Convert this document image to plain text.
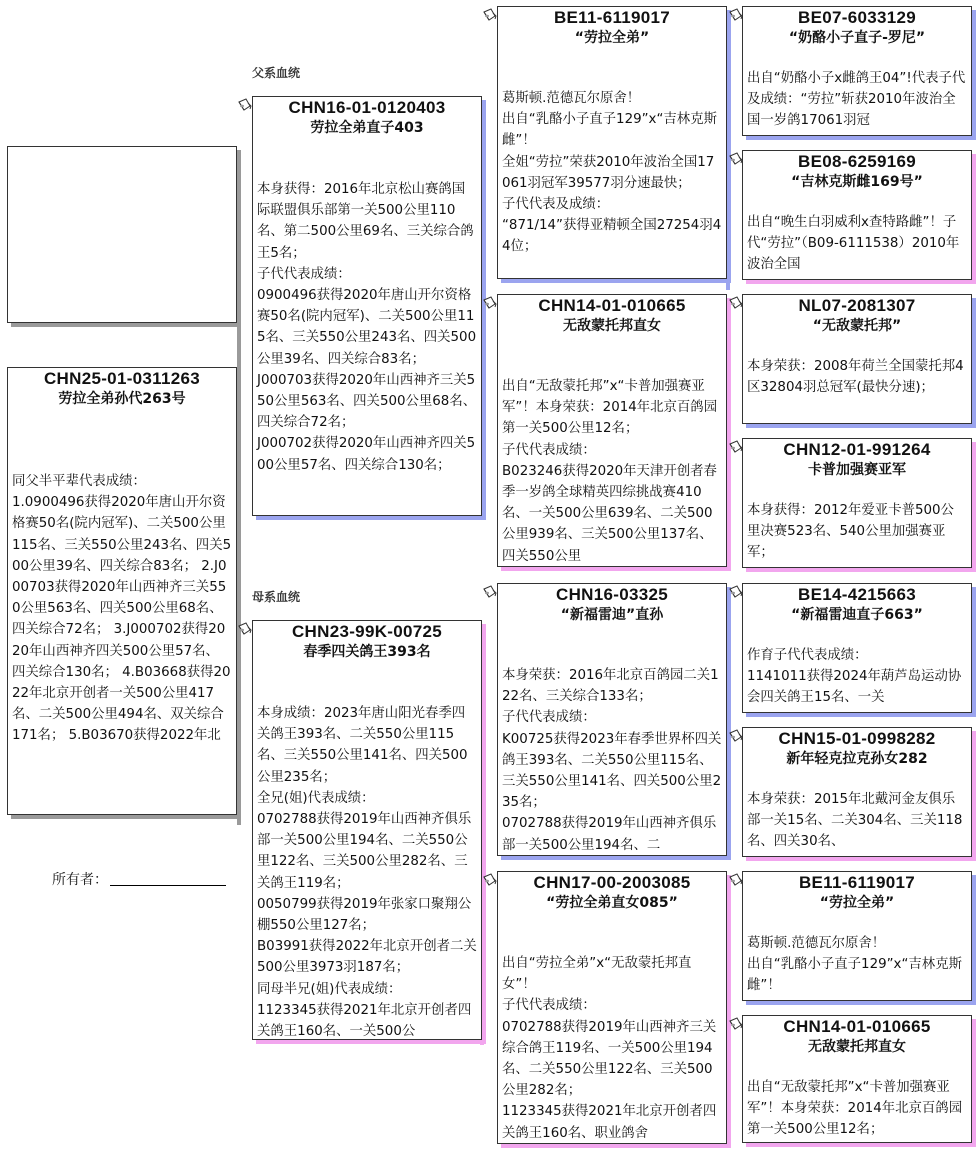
CHN25-01-0311263
劳拉全弟孙代263号
同父半平辈代表成绩：
1.0900496获得2020年唐山开尔资格赛50名(院内冠军)、二关500公里115名、三关550公里243名、四关500公里39名、四关综合83名； 2.J000703获得2020年山西神齐三关550公里563名、四关500公里68名、四关综合72名； 3.J000702获得2020年山西神齐四关500公里57名、四关综合130名； 4.B03668获得2022年北京开创者一关500公里417名、二关500公里494名、双关综合171名； 5.B03670获得2022年北
所有者：
父系血统
母系血统
CHN16-01-0120403
劳拉全弟直子403
本身获得：2016年北京松山赛鸽国际联盟俱乐部第一关500公里110名、第二500公里69名、三关综合鸽王5名；
子代代表成绩：
0900496获得2020年唐山开尔资格赛50名(院内冠军)、二关500公里115名、三关550公里243名、四关500公里39名、四关综合83名；
J000703获得2020年山西神齐三关550公里563名、四关500公里68名、四关综合72名；
J000702获得2020年山西神齐四关500公里57名、四关综合130名；
CHN23-99K-00725
春季四关鸽王393名
本身成绩：2023年唐山阳光春季四关鸽王393名、二关550公里115名、三关550公里141名、四关500公里235名；
全兄(姐)代表成绩：
0702788获得2019年山西神齐俱乐部一关500公里194名、二关550公里122名、三关500公里282名、三关鸽王119名；
0050799获得2019年张家口聚翔公棚550公里127名；
B03991获得2022年北京开创者二关500公里3973羽187名；
同母半兄(姐)代表成绩：
1123345获得2021年北京开创者四关鸽王160名、一关500公
BE11-6119017
“劳拉全弟”
葛斯顿.范德瓦尔原舍！
出自“乳酪小子直子129”x“吉林克斯雌”！
全姐“劳拉”荣获2010年波治全国17061羽冠军39577羽分速最快；
子代代表及成绩：
“871/14”获得亚精顿全国27254羽44位；
CHN14-01-010665
无敌蒙托邦直女
出自“无敌蒙托邦”x“卡普加强赛亚军”！本身荣获：2014年北京百鸽园第一关500公里12名；
子代代表成绩：
B023246获得2020年天津开创者春季一岁鸽全球精英四综挑战赛410名、一关500公里639名、二关500公里939名、三关500公里137名、四关550公里
CHN16-03325
“新福雷迪”直孙
本身荣获：2016年北京百鸽园二关122名、三关综合133名；
子代代表成绩：
K00725获得2023年春季世界杯四关鸽王393名、二关550公里115名、三关550公里141名、四关500公里235名；
0702788获得2019年山西神齐俱乐部一关500公里194名、二
CHN17-00-2003085
“劳拉全弟直女085”
出自“劳拉全弟”x“无敌蒙托邦直女”！
子代代表成绩：
0702788获得2019年山西神齐三关综合鸽王119名、一关500公里194名、二关550公里122名、三关500公里282名；
1123345获得2021年北京开创者四关鸽王160名、职业鸽舍
BE07-6033129
“奶酪小子直子-罗尼”
出自“奶酪小子x雌鸽王04”!代表子代及成绩：“劳拉”斩获2010年波治全国一岁鸽17061羽冠
BE08-6259169
“吉林克斯雌169号”
出自“晚生白羽威利x查特路雌”！子代“劳拉”（B09-6111538）2010年波治全国
NL07-2081307
“无敌蒙托邦”
本身荣获：2008年荷兰全国蒙托邦4区32804羽总冠军(最快分速)；
CHN12-01-991264
卡普加强赛亚军
本身获得：2012年爱亚卡普500公里决赛523名、540公里加强赛亚军；
BE14-4215663
“新福雷迪直子663”
作育子代代表成绩：
1141011获得2024年葫芦岛运动协会四关鸽王15名、一关
CHN15-01-0998282
新年轻克拉克孙女282
本身荣获：2015年北戴河金友俱乐部一关15名、二关304名、三关118名、四关30名、
BE11-6119017
“劳拉全弟”
葛斯顿.范德瓦尔原舍！
出自“乳酪小子直子129”x“吉林克斯雌”！
CHN14-01-010665
无敌蒙托邦直女
出自“无敌蒙托邦”x“卡普加强赛亚军”！本身荣获：2014年北京百鸽园第一关500公里12名；
